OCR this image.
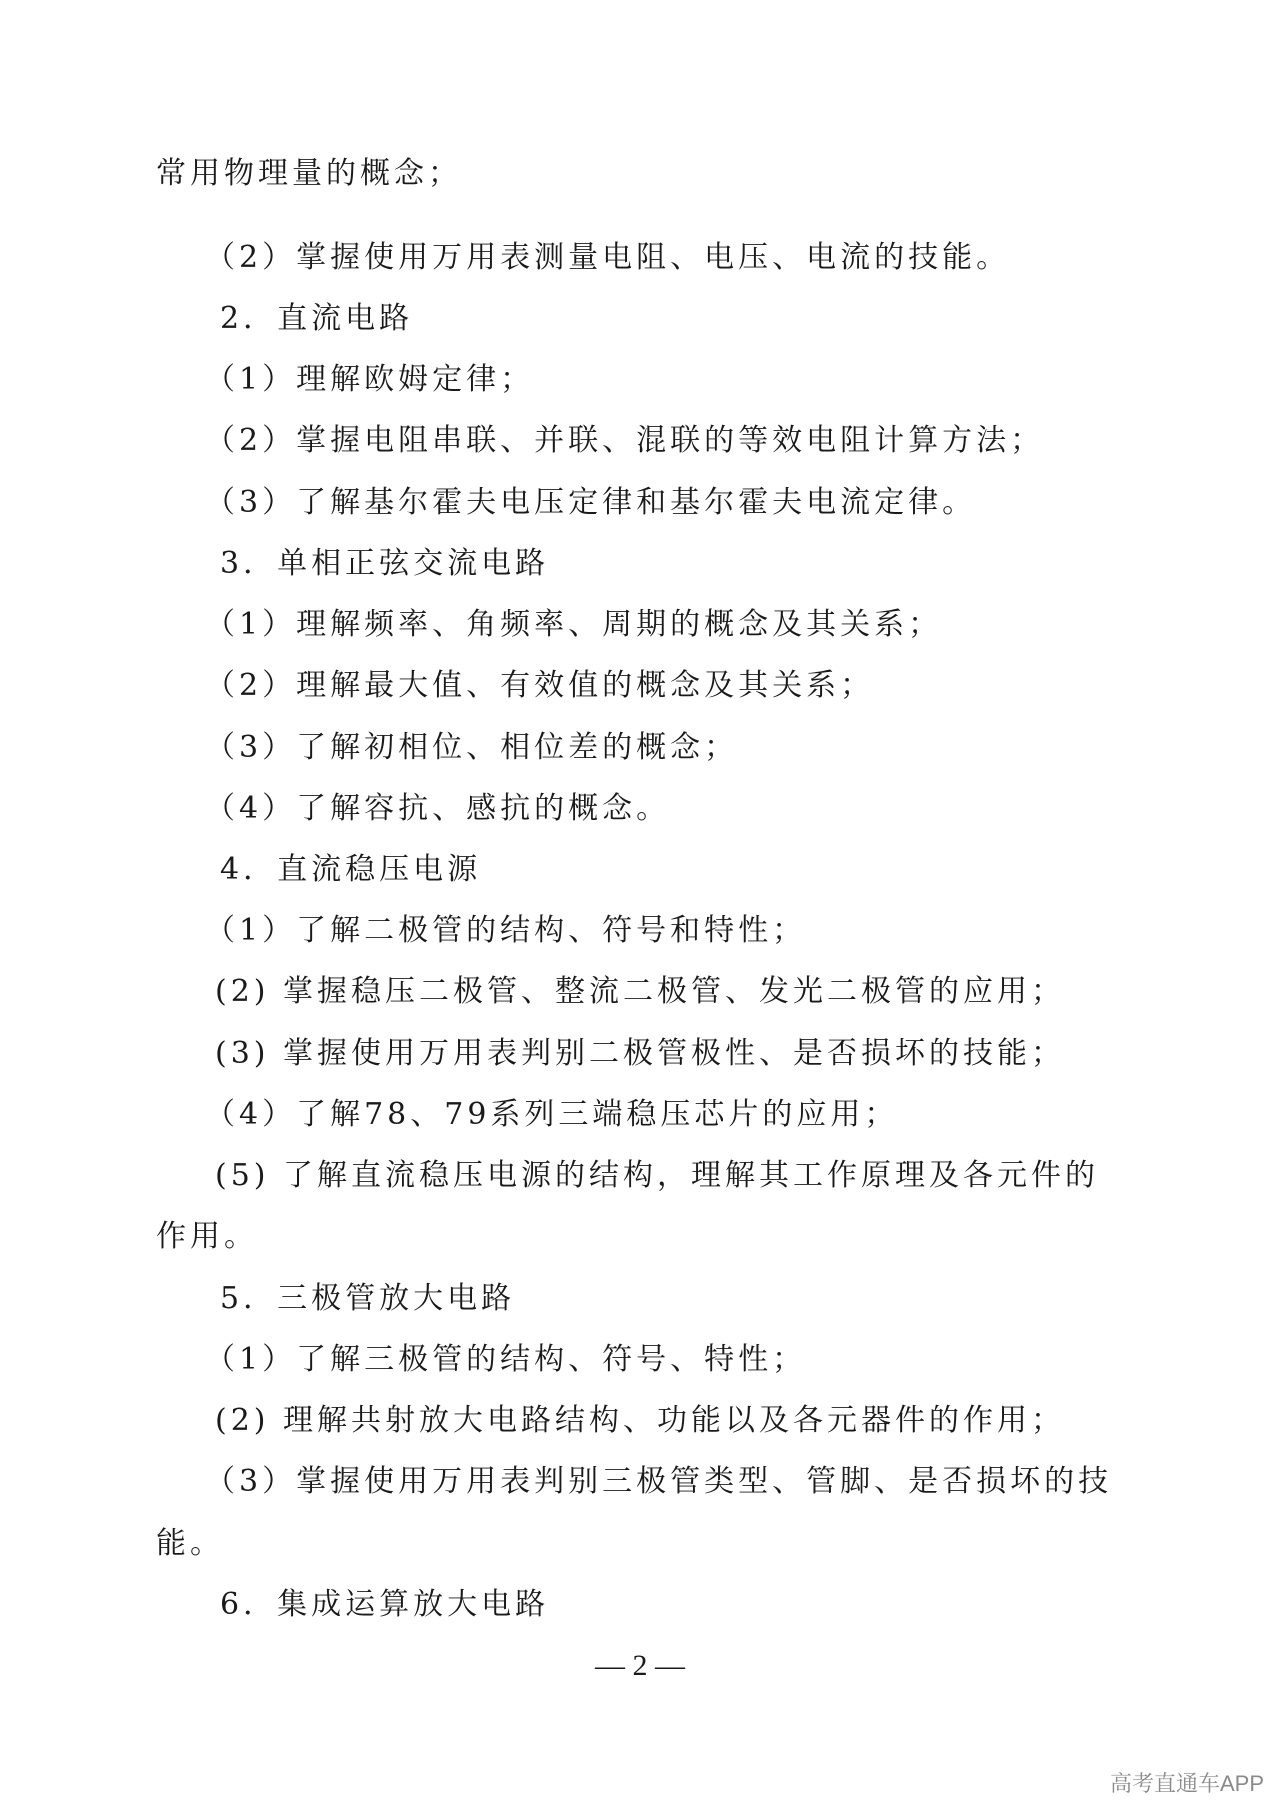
常用物理量的概念；
（2）掌握使用万用表测量电阻、电压、电流的技能。
2．直流电路
（1）理解欧姆定律；
（2）掌握电阻串联、并联、混联的等效电阻计算方法；
（3）了解基尔霍夫电压定律和基尔霍夫电流定律。
3．单相正弦交流电路
（1）理解频率、角频率、周期的概念及其关系；
（2）理解最大值、有效值的概念及其关系；
（3）了解初相位、相位差的概念；
（4）了解容抗、感抗的概念。
4．直流稳压电源
（1）了解二极管的结构、符号和特性；
(2) 掌握稳压二极管、整流二极管、发光二极管的应用；
(3) 掌握使用万用表判别二极管极性、是否损坏的技能；
（4）了解78、79系列三端稳压芯片的应用；
(5) 了解直流稳压电源的结构，理解其工作原理及各元件的
作用。
5．三极管放大电路
（1）了解三极管的结构、符号、特性；
(2) 理解共射放大电路结构、功能以及各元器件的作用；
（3）掌握使用万用表判别三极管类型、管脚、是否损坏的技
能。
6．集成运算放大电路
— 2 —
高考直通车APP
